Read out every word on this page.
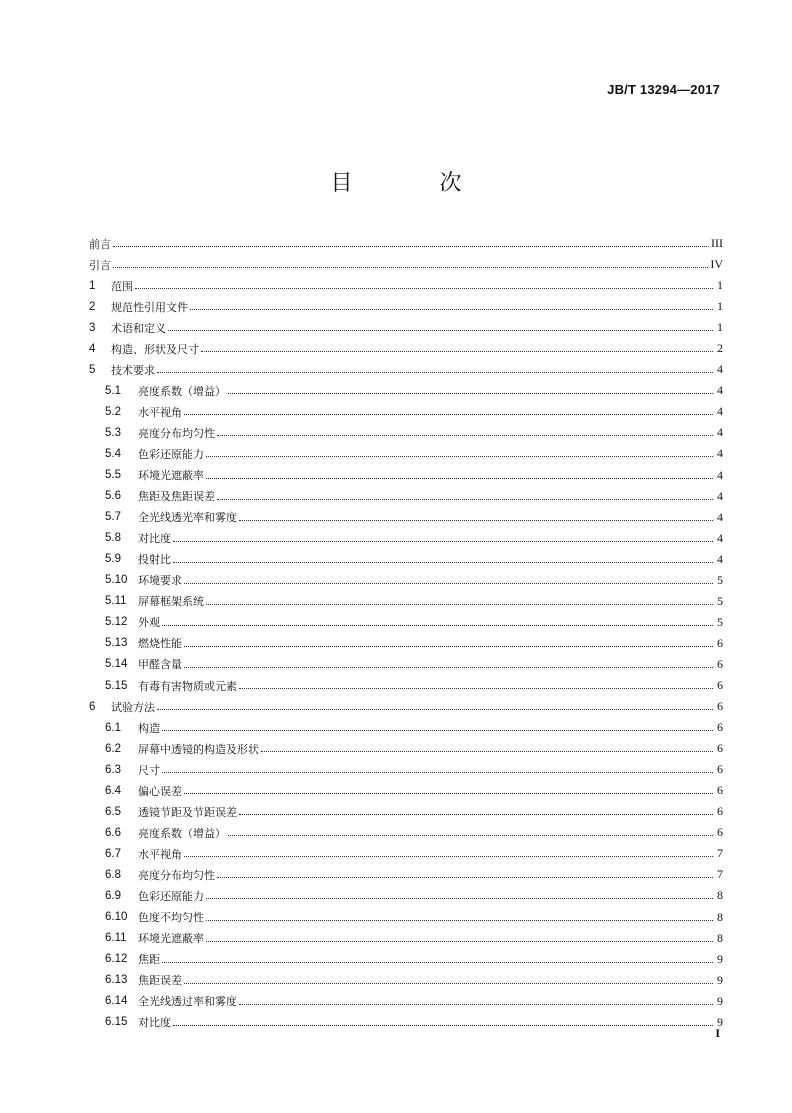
JB/T 13294—2017
目 次
前言	III
引言	IV
1	范围	1
2	规范性引用文件	1
3	术语和定义	1
4	构造、形状及尺寸	2
5	技术要求	4
5.1	亮度系数（增益）	4
5.2	水平视角	4
5.3	亮度分布均匀性	4
5.4	色彩还原能力	4
5.5	环境光遮蔽率	4
5.6	焦距及焦距误差	4
5.7	全光线透光率和雾度	4
5.8	对比度	4
5.9	投射比	4
5.10 环境要求	5
5.11	屏幕框架系统	5
5.12 外观	5
5.13 燃烧性能	6
5.14 甲醛含量	6
5.15 有毒有害物质或元素	6
6	试验方法	6
6.1	构造	6
6.2	屏幕中透镜的构造及形状	6
6.3	尺寸	6
6.4	偏心误差	6
6.5	透镜节距及节距误差	6
6.6	亮度系数（增益）	6
6.7	水平视角	7
6.8	亮度分布均匀性	7
6.9	色彩还原能力	8
6.10 色度不均匀性	8
6.11	环境光遮蔽率	8
6.12 焦距	9
6.13 焦距误差	9
6.14 全光线透过率和雾度	9
6.15 对比度	9
I
